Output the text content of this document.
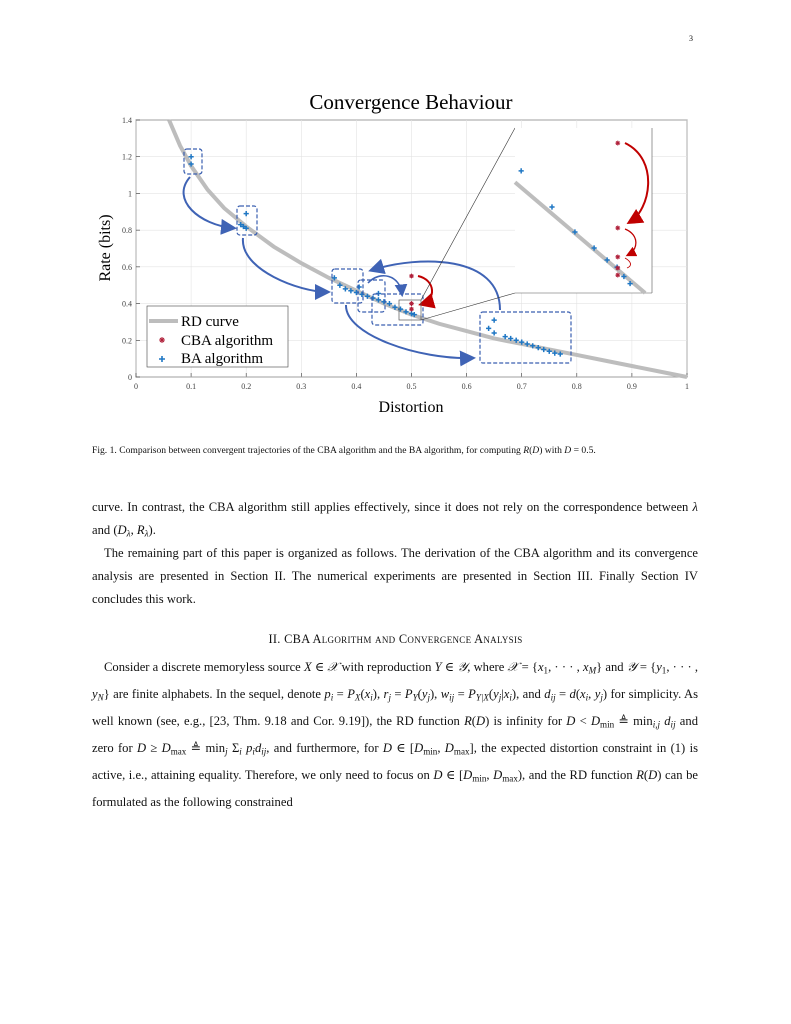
3
Convergence Behaviour
0	0.1	0.2	0.3	0.4	0.5	0.6	0.7	0.8	0.9	1
0
0.2
0.4
0.6
0.8
1
1.2
1.4
Distortion
Rate (bits)
RD curve
CBA algorithm
BA algorithm
Fig. 1. Comparison between convergent trajectories of the CBA algorithm and the BA algorithm, for computing R(D) with D = 0.5.
curve. In contrast, the CBA algorithm still applies effectively, since it does not rely on the correspondence between λ and ($D_\lambda$, $R_\lambda$).
The remaining part of this paper is organized as follows. The derivation of the CBA algorithm and its convergence analysis are presented in Section II. The numerical experiments are presented in Section III. Finally Section IV concludes this work.
II. CBA Algorithm and Convergence Analysis
Consider a discrete memoryless source X ∈ 𝒳 with reproduction Y ∈ 𝒴, where 𝒳 = {$x_1$, · · · , $x_M$} and 𝒴 = {$y_1$, · · · , $y_N$} are finite alphabets. In the sequel, denote $p_i = P_X(x_i)$, $r_j = P_Y(y_j)$, $w_{ij} = P_{Y|X}(y_j|x_i)$, and $d_{ij} = d(x_i$, $y_j$) for simplicity. As well known (see, e.g., [23, Thm. 9.18 and Cor. 9.19]), the RD function R(D) is infinity for $D < D_{min}$ ≜ $\min_{i,j} d_{ij}$ and zero for $D \ge D_{max}$ ≜ $\min_j \Sigma_i$ $p_id_{ij}$, and furthermore, for D ∈ [$D_{min}$, $D_{max}$], the expected distortion constraint in (1) is active, i.e., attaining equality. Therefore, we only need to focus on D ∈ [$D_{min}$, $D_{max}$), and the RD function R(D) can be formulated as the following constrained
